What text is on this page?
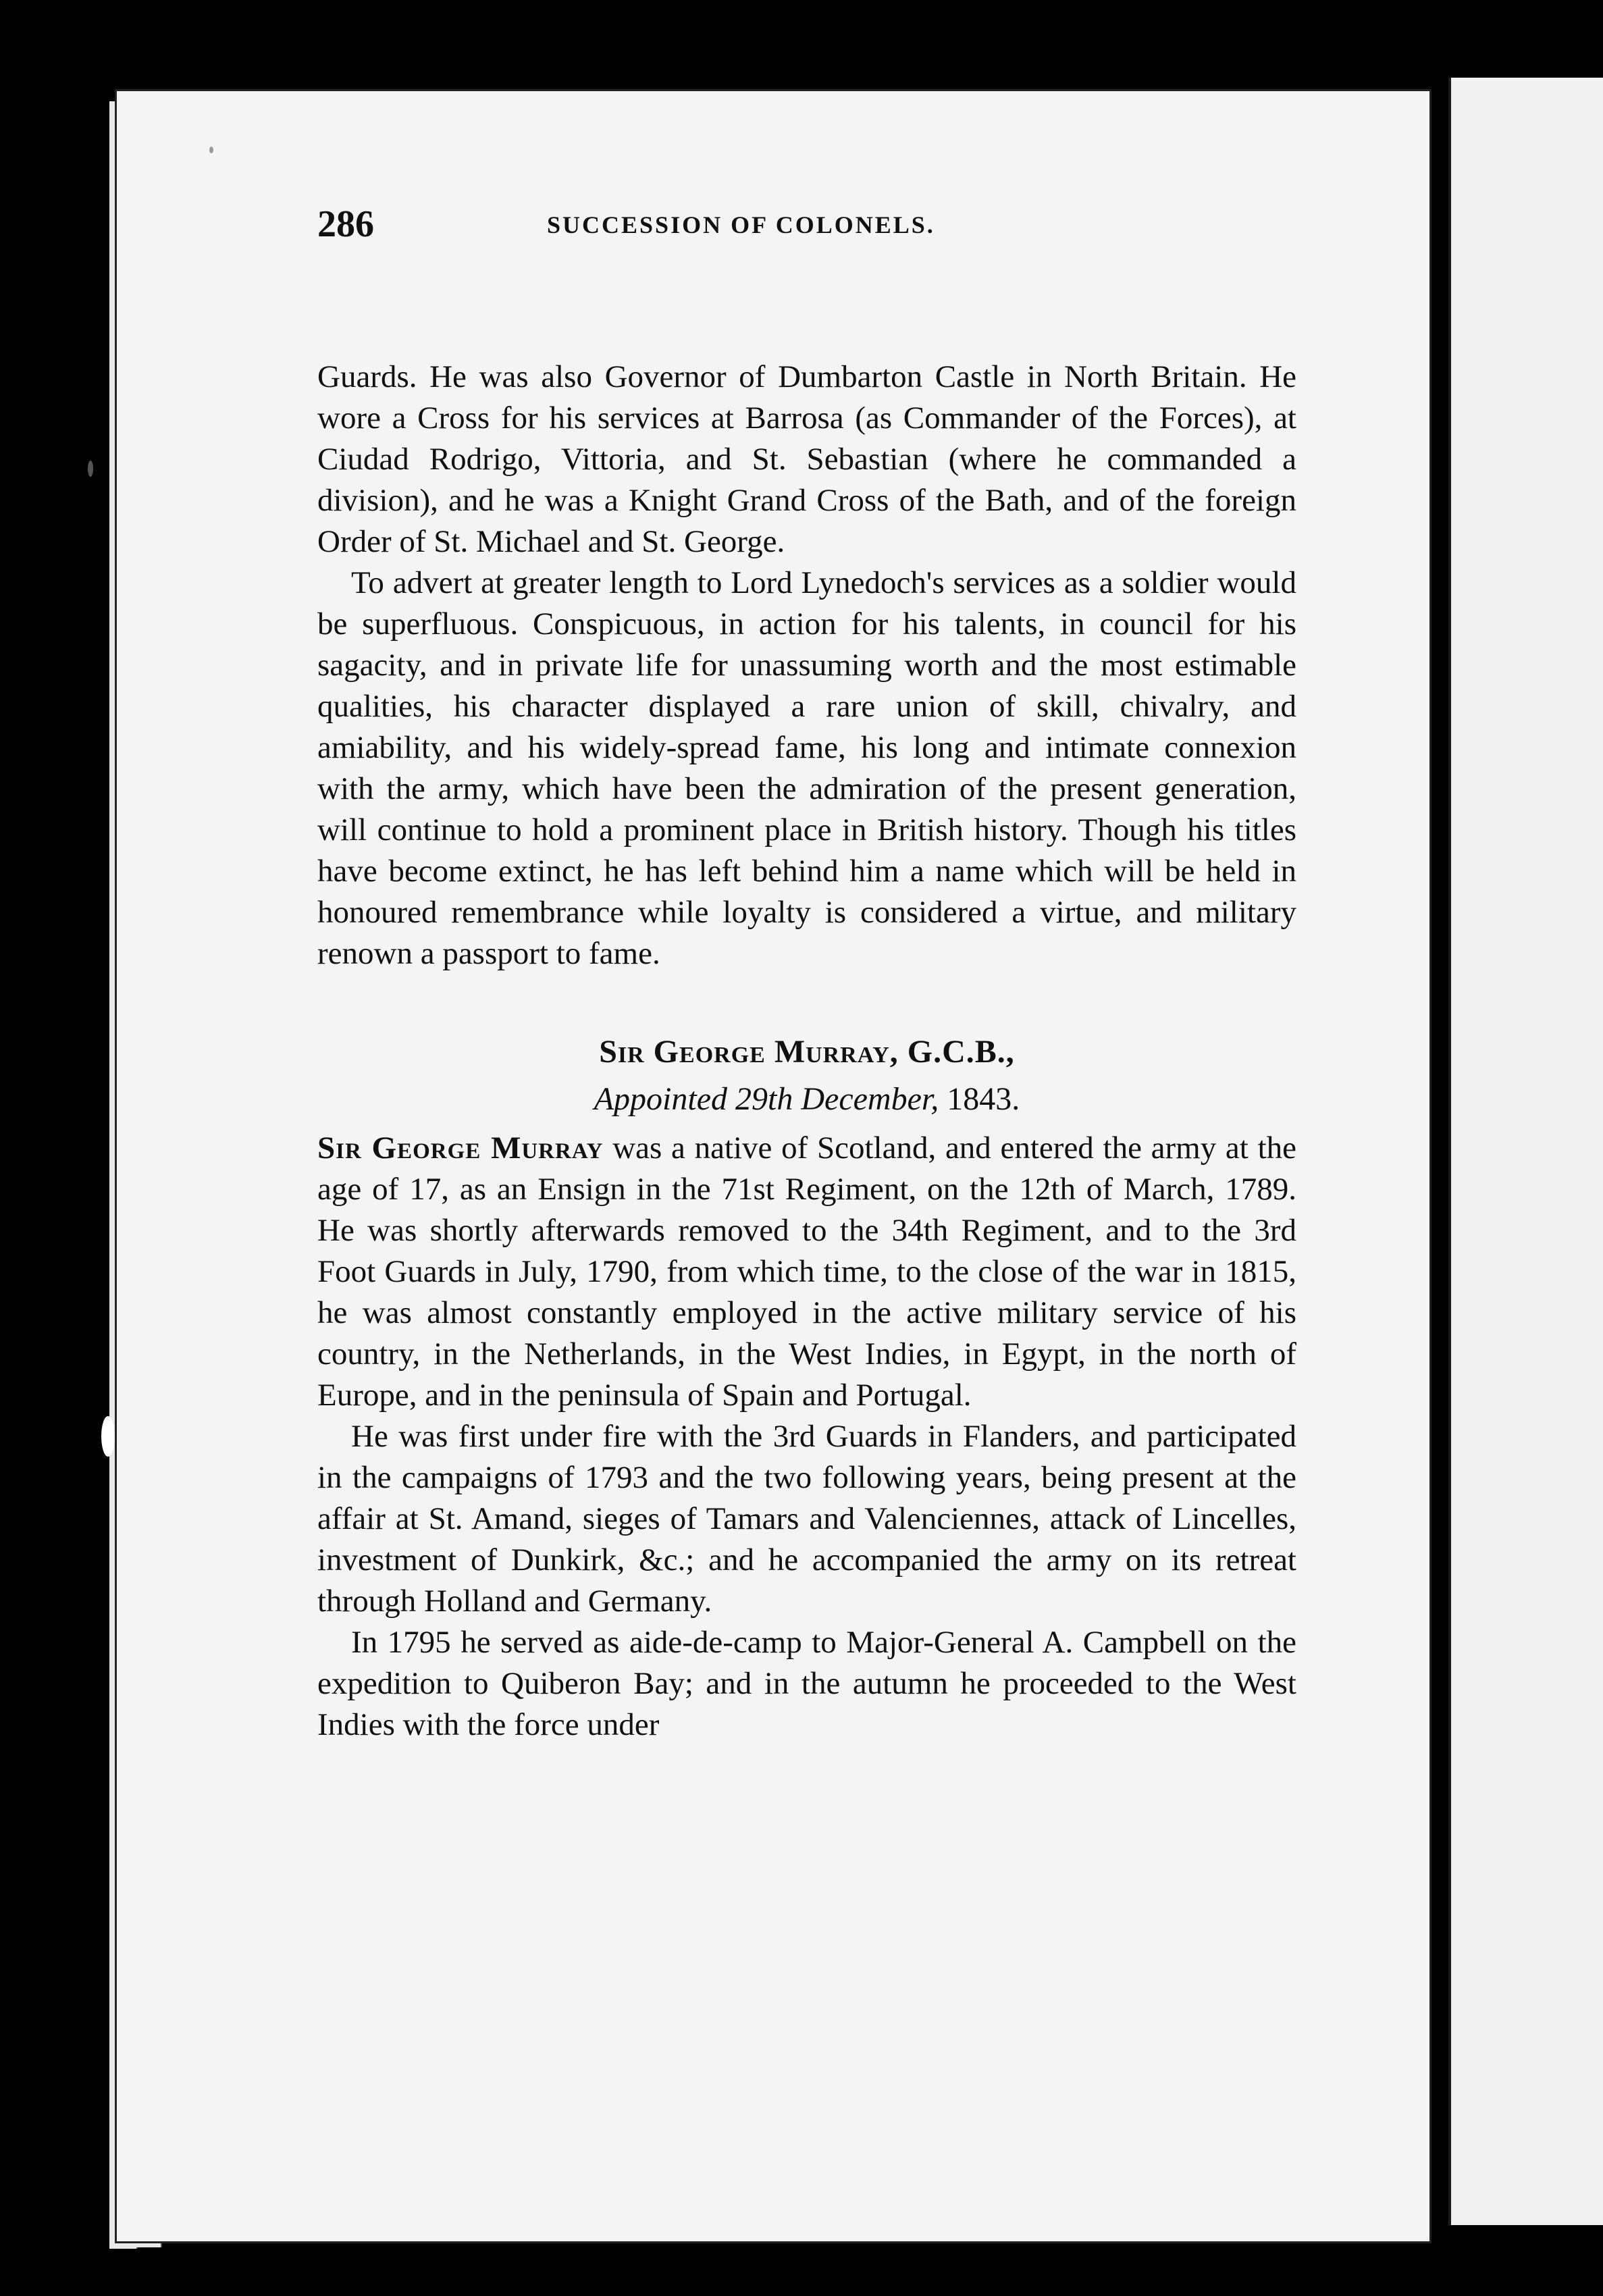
286	SUCCESSION OF COLONELS.

Guards. He was also Governor of Dumbarton Castle in North Britain. He wore a Cross for his services at Barrosa (as Commander of the Forces), at Ciudad Rodrigo, Vittoria, and St. Sebastian (where he commanded a division), and he was a Knight Grand Cross of the Bath, and of the foreign Order of St. Michael and St. George.

To advert at greater length to Lord Lynedoch's services as a soldier would be superfluous. Conspicuous, in action for his talents, in council for his sagacity, and in private life for unassuming worth and the most estimable qualities, his character displayed a rare union of skill, chivalry, and amiability, and his widely-spread fame, his long and intimate connexion with the army, which have been the admiration of the present generation, will continue to hold a prominent place in British history. Though his titles have become extinct, he has left behind him a name which will be held in honoured remembrance while loyalty is considered a virtue, and military renown a passport to fame.

Sir George Murray, G.C.B.,
Appointed 29th December, 1843.

Sir George Murray was a native of Scotland, and entered the army at the age of 17, as an Ensign in the 71st Regiment, on the 12th of March, 1789. He was shortly afterwards removed to the 34th Regiment, and to the 3rd Foot Guards in July, 1790, from which time, to the close of the war in 1815, he was almost constantly employed in the active military service of his country, in the Netherlands, in the West Indies, in Egypt, in the north of Europe, and in the peninsula of Spain and Portugal.

He was first under fire with the 3rd Guards in Flanders, and participated in the campaigns of 1793 and the two following years, being present at the affair at St. Amand, sieges of Tamars and Valenciennes, attack of Lincelles, investment of Dunkirk, &c.; and he accompanied the army on its retreat through Holland and Germany.

In 1795 he served as aide-de-camp to Major-General A. Campbell on the expedition to Quiberon Bay; and in the autumn he proceeded to the West Indies with the force under
